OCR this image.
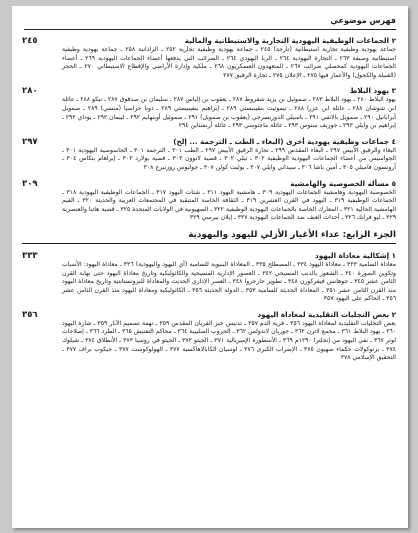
فهرس موضوعي
٢٤٥	٢ الجماعات الوظيفية اليهودية التجارية والاستيطانية والمالية
جماعة يهودية وظيفية تجارية استيطانية (تارجة) ٢٤٥ ـ جماعة يهودية وظيفية تجارية ٢٥٢ ـ الراذانية ٢٥٨ ـ جماعة يهودية وظيفية استيطانية وصيفة ٢٦٣ ـ التجارة اليهودية ٢٦٤ ـ الربا اليهودي ٢٦٤ ـ الضرائب التي يدفعها أعضاء الجماعات اليهودية ٢٦٩ ـ أعضاء الجماعات اليهودية كمحصلي ضرائب ٢٦٧ ـ المتعهدون العسكريون ٢٦٨ ـ ملكية وإدارة الأراضي والإقطاع الاستيطاني ٢٧٠ ـ الحجر (القبيلة والكحول) والأعمار فيها ٢٧٥ ـ الإعلان ٢٧٥ ـ تجارة الرقيق ٢٧٧
٢٨٠	٣ يهود البلاط
يهود البلاط ٢٨٠ ـ يهود البلاط ٢٨٣ ـ صموئيل بن يزيد شفروط ٢٨٧ ـ يعقوب بن إلياس ٢٨٧ ـ سليمان بن صدقوق ٢٨٧ ـ نيكو ٢٨٨ ـ عائلة ابن شوشان ٢٨٨ ـ عائلة ابن عزرا ٢٨٨ ـ تيموثيت بنفينيستي ٢٨٩ ـ إبراهيم بنفينيستي ٢٨٩ ـ دونا جراسيا (منسي) ٢٨٩ ـ صمويل أبرابانيل ٢٩٠ ـ صمويل بالاشي ٢٩١ ـ باسيلي الدوريسرجي (يعقوب بن صمويل) ٢٩١ ـ صموئيل أوبنهايم ٢٩٢ ـ ليبمان ٢٩٢ ـ يوداي ٢٩٢ ـ إبراهيم بن وايلي ٢٩٣ ـ جوزيف ستوس ٢٩٣ ـ عائلة ماجنوسي ٢٩٣ ـ عائلة أرنشتاين ٢٩٤
٢٩٧	٤ جماعات وظيفية يهودية أخرى (البغاء ـ الطب ـ الترجمة ... إلخ)
البغاء والرقيق الأبيض ٢٩٧ ـ البغاء المقدس ٢٩٩ ـ تجارة الرقيق الأبيض ٢٩٧ ـ الطب ٣٠١ ـ الترجمة ٣٠١ ـ الجاسوسية اليهودية ٣٠١ ـ الجواسيس من أعضاء الجماعات اليهودية الوظيفية ٣٠٢ ـ تيلي ٣٠٢ ـ قضية لاتوون ٣٠٣ ـ قضية بولارد ٣٠٣ ـ إبراهام بنكاس ٣٠٤ ـ آرونسون فاميلي ٣٠٥ ـ آمين باشا ٣٠٦ ـ سيداني وايلي ٣٠٧ ـ بوليت كولن ٣٠٧ ـ جوليوس روزنبرج ٣٠٨
٣٠٩	٥ مسألة الخصوصية والهامشية
الخصوصية اليهودية وهامشية الجماعات اليهودية ٣٠٩ ـ هامشية اليهود ٣١١ ـ شتات اليهود ٣١٧ ـ الجماعات الوظيفية اليهودية ٣١٨ ـ الجماعات الوظيفية ٣١٩ ـ اليهود في القرن العشرين ٣١٩ ـ الثقافة الخاصة المتبقية في المجتمعات العربية والحديثة ٣٢٠ ـ القيم الهامشية الحالية ٣٢١ ـ المعارك الخاصة بالجماعات اليهودية الوظيفية ٣٢٢ ـ الصهيونية في الولايات المتحدة ٣٢٥ ـ قضية هاتنا والعنصرية ٣٢٩ ـ ليو فرانك ٣٢٦ ـ أحداث العنف ضد الجماعات اليهودية ٣٢٧ ـ إيلان بيرسي ٣٢٩
الجزء الرابع: عداء الأغيار الأزلي لليهود واليهودية
٣٣٣	١ إشكالية معاداة اليهود
معاداة السامية ٣٣٣ ـ معاداة اليهود ٣٣٤ ـ المصطلح ٣٣٥ ـ المعاداة البنيوية للسامية (أي اليهود واليهودية) ٣٣٦ ـ معاداة اليهود: الأسباب وتكوين الصورة ٣٤٠ ـ الشعور بالذنب المسيحي ٣٤٢ ـ العصور الإدارية المسيحية والكاثوليكية وتاريخ معاداة اليهود حتى نهاية القرن الثامن عشر ٣٤٥ ـ جوهانس فيفركورن ٣٤٨ ـ تطوير حارجروا ٣٤٨ ـ العصر الإداري الحديث والمعاداة للبروتستانتية وتاريخ معاداة اليهود منذ القرن الثامن عشر ٣٥١ ـ المعاداة الحديثة للسامية ٣٥٣ ـ الدولة الحديثة ٣٥٦ ـ الكاثوليكية ومعاداة اليهود منذ القرن الثامن عشر ٣٥٦ ـ الحاكم على اليهود ٣٥٧
٣٥٦	٢ بعض التجليات التقليدية لمعاداة اليهود
بعض التجليات التقليدية لمعاداة اليهود ٣٥٦ ـ فرية الدم ٣٥٧ ـ تدنيس خبز القربان المقدس ٣٥٩ ـ تهمة تسميم الآبار ٣٥٩ ـ شارة اليهود ٣٦٠ ـ يهود البلاط ٣٦١ ـ مجمع لاترن ٣٦٢ ـ جوريان لاندولس ٣٦٢ ـ الحروب الصليبية ٣٦٤ ـ محاكم التفتيش ٣٦٥ ـ الطرد ٣٦٦ ـ إصلاحات لوثر ٣٦٧ ـ نفي اليهود من إنجلترا ١٢٩٠م ٣٦٩ ـ الأسطورة الإمبريالية ٣٧١ ـ الجيتو ٣٧٢ ـ الجيتو في روسيا ٣٧٣ ـ الأنطلاق ٣٧٤ ـ شيلوك ٣٧٤ ـ برتوكولات حكماء صهيون ٣٧٥ ـ الإضراب الكبرى ٣٧٦ ـ لوسيان الكابالاهاكسية ٣٧٧ ـ الهولوكوست ٣٧٧ ـ جيكوب براف ٣٧٧ ـ التحقيق الإسلامي ٣٧٨
